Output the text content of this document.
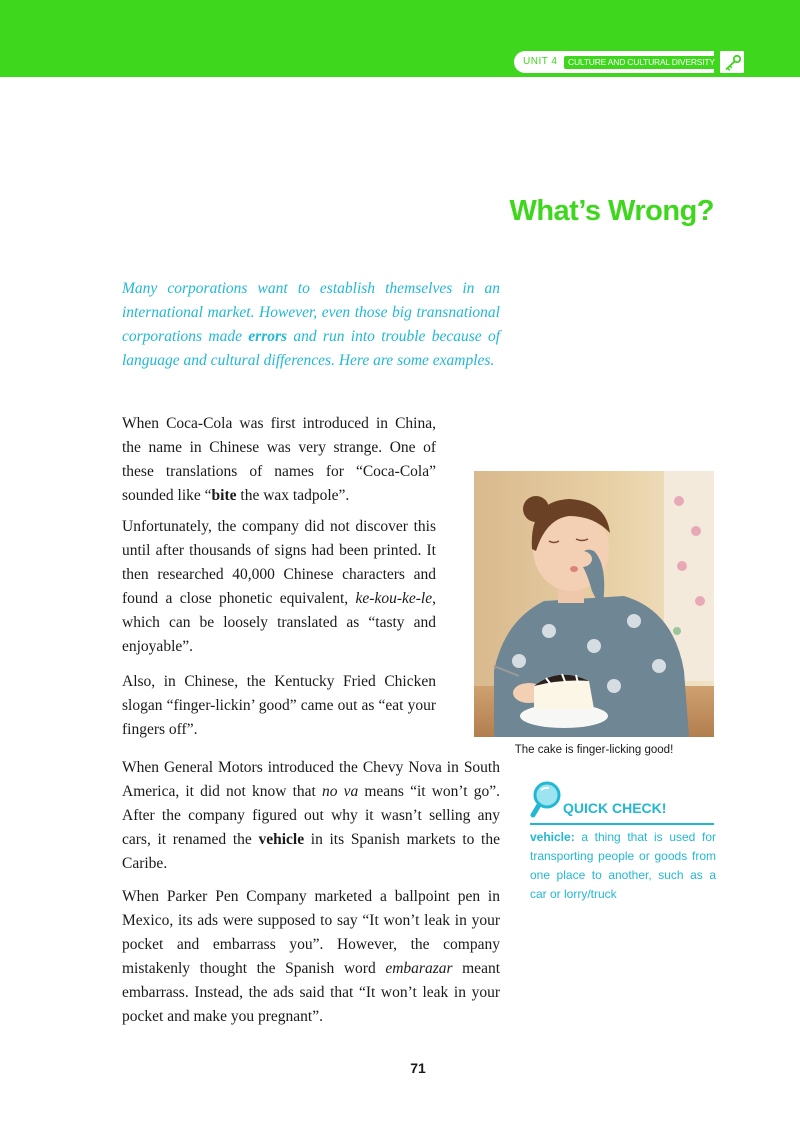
UNIT 4	CULTURE AND CULTURAL DIVERSITY
What’s Wrong?
Many corporations want to establish themselves in an international market. However, even those big transnational corporations made errors and run into trouble because of language and cultural differences. Here are some examples.
When Coca-Cola was first introduced in China, the name in Chinese was very strange. One of these translations of names for “Coca-Cola” sounded like “bite the wax tadpole”.
Unfortunately, the company did not discover this until after thousands of signs had been printed. It then researched 40,000 Chinese characters and found a close phonetic equivalent, ke-kou-ke-le, which can be loosely translated as “tasty and enjoyable”.
Also, in Chinese, the Kentucky Fried Chicken slogan “finger-lickin’ good” came out as “eat your fingers off”.
When General Motors introduced the Chevy Nova in South America, it did not know that no va means “it won’t go”. After the company figured out why it wasn’t selling any cars, it renamed the vehicle in its Spanish markets to the Caribe.
When Parker Pen Company marketed a ballpoint pen in Mexico, its ads were supposed to say “It won’t leak in your pocket and embarrass you”. However, the company mistakenly thought the Spanish word embarazar meant embarrass. Instead, the ads said that “It won’t leak in your pocket and make you pregnant”.
The cake is finger-licking good!
QUICK CHECK!
vehicle: a thing that is used for transporting people or goods from one place to another, such as a car or lorry/truck
71
